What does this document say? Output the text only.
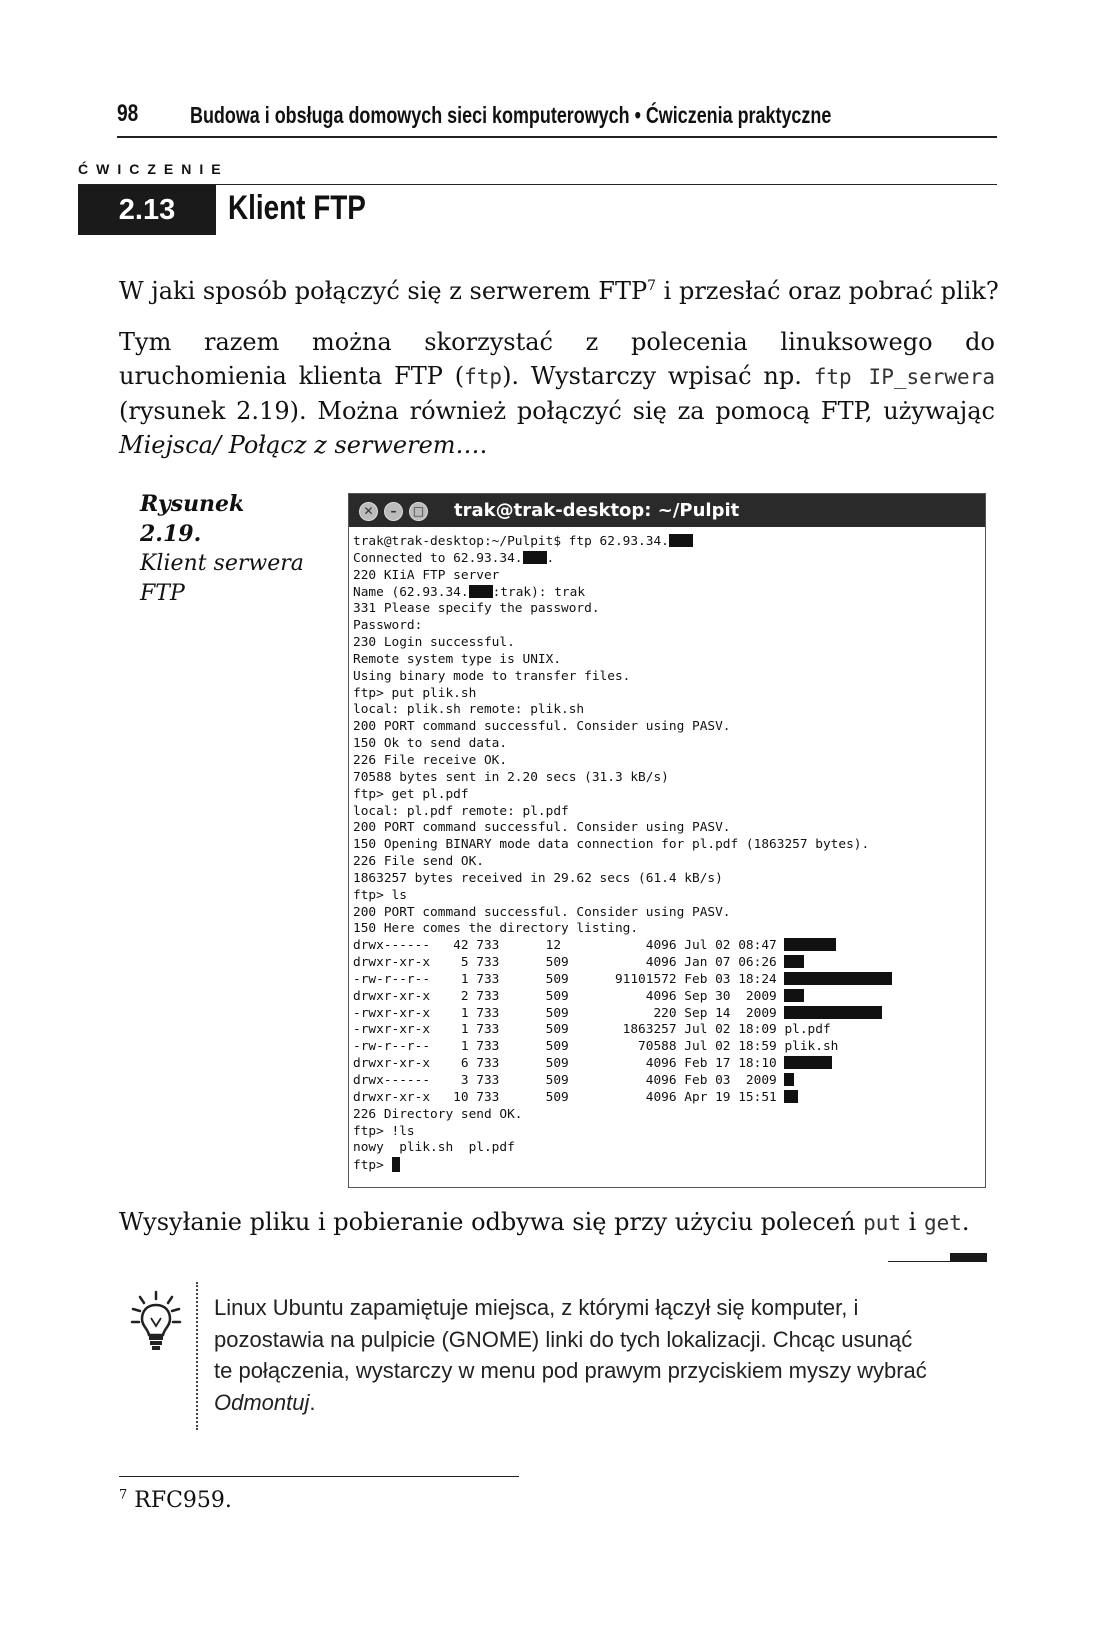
98 Budowa i obsługa domowych sieci komputerowych • Ćwiczenia praktyczne
ĆWICZENIE
2.13	Klient FTP
W jaki sposób połączyć się z serwerem FTP$^7$ i przesłać oraz pobrać plik?
Tym razem można skorzystać z polecenia linuksowego do uruchomienia klienta FTP (ftp). Wystarczy wpisać np. ftp IP_serwera (rysunek 2.19). Można również połączyć się za pomocą FTP, używając Miejsca/ Połącz z serwerem….
Rysunek 2.19.
Klient serwera FTP
✕	–	□ trak@trak-desktop: ~/Pulpit
trak@trak-desktop:~/Pulpit$ ftp 62.93.34.
Connected to 62.93.34. .
220 KIiA FTP server
Name (62.93.34. :trak): trak
331 Please specify the password.
Password:
230 Login successful.
Remote system type is UNIX.
Using binary mode to transfer files.
ftp> put plik.sh
local: plik.sh remote: plik.sh
200 PORT command successful. Consider using PASV.
150 Ok to send data.
226 File receive OK.
70588 bytes sent in 2.20 secs (31.3 kB/s)
ftp> get pl.pdf
local: pl.pdf remote: pl.pdf
200 PORT command successful. Consider using PASV.
150 Opening BINARY mode data connection for pl.pdf (1863257 bytes).
226 File send OK.
1863257 bytes received in 29.62 secs (61.4 kB/s)
ftp> ls
200 PORT command successful. Consider using PASV.
150 Here comes the directory listing.
drwx------   42 733      12           4096 Jul 02 08:47
drwxr-xr-x    5 733      509          4096 Jan 07 06:26
-rw-r--r--    1 733      509      91101572 Feb 03 18:24
drwxr-xr-x    2 733      509          4096 Sep 30  2009
-rwxr-xr-x    1 733      509           220 Sep 14  2009
-rwxr-xr-x    1 733      509       1863257 Jul 02 18:09 pl.pdf
-rw-r--r--    1 733      509         70588 Jul 02 18:59 plik.sh
drwxr-xr-x    6 733      509          4096 Feb 17 18:10
drwx------    3 733      509          4096 Feb 03  2009
drwxr-xr-x   10 733      509          4096 Apr 19 15:51
226 Directory send OK.
ftp> !ls
nowy  plik.sh  pl.pdf
ftp>
Wysyłanie pliku i pobieranie odbywa się przy użyciu poleceń put i get.
Linux Ubuntu zapamiętuje miejsca, z którymi łączył się komputer, i pozostawia na pulpicie (GNOME) linki do tych lokalizacji. Chcąc usunąć te połączenia, wystarczy w menu pod prawym przyciskiem myszy wybrać Odmontuj.
$^7$ RFC959.
